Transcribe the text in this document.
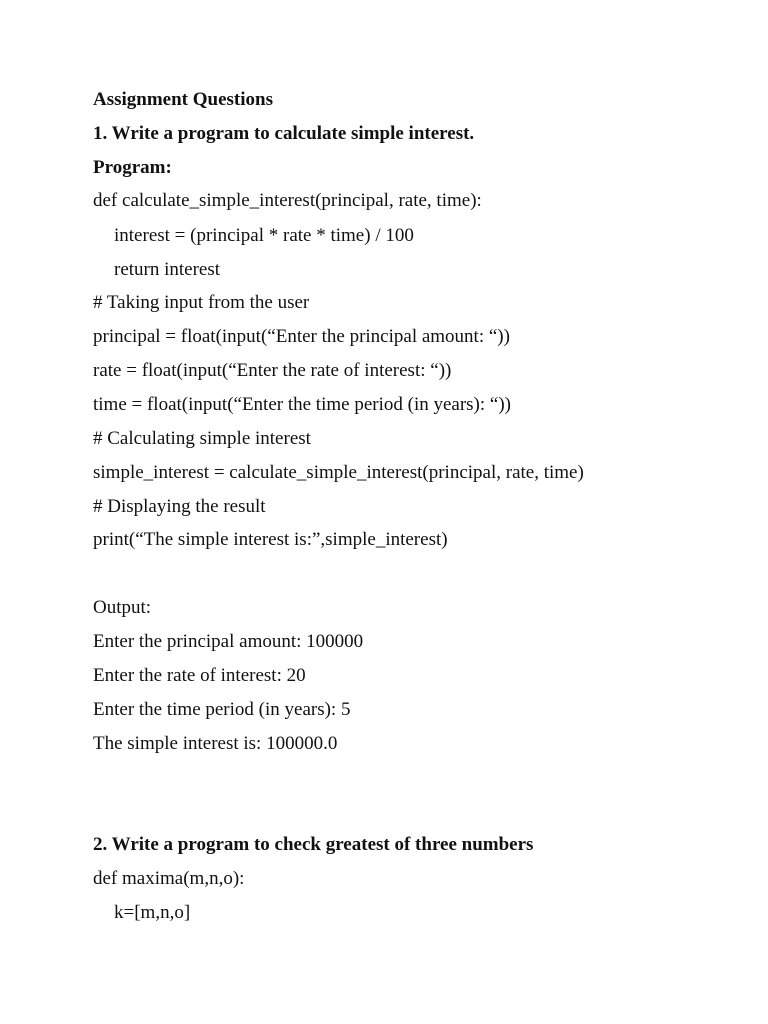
Assignment Questions
1. Write a program to calculate simple interest.
Program:
def calculate_simple_interest(principal, rate, time):
interest = (principal * rate * time) / 100
return interest
# Taking input from the user
principal = float(input(“Enter the principal amount: “))
rate = float(input(“Enter the rate of interest: “))
time = float(input(“Enter the time period (in years): “))
# Calculating simple interest
simple_interest = calculate_simple_interest(principal, rate, time)
# Displaying the result
print(“The simple interest is:”,simple_interest)
Output:
Enter the principal amount: 100000
Enter the rate of interest: 20
Enter the time period (in years): 5
The simple interest is: 100000.0
2. Write a program to check greatest of three numbers
def maxima(m,n,o):
k=[m,n,o]
